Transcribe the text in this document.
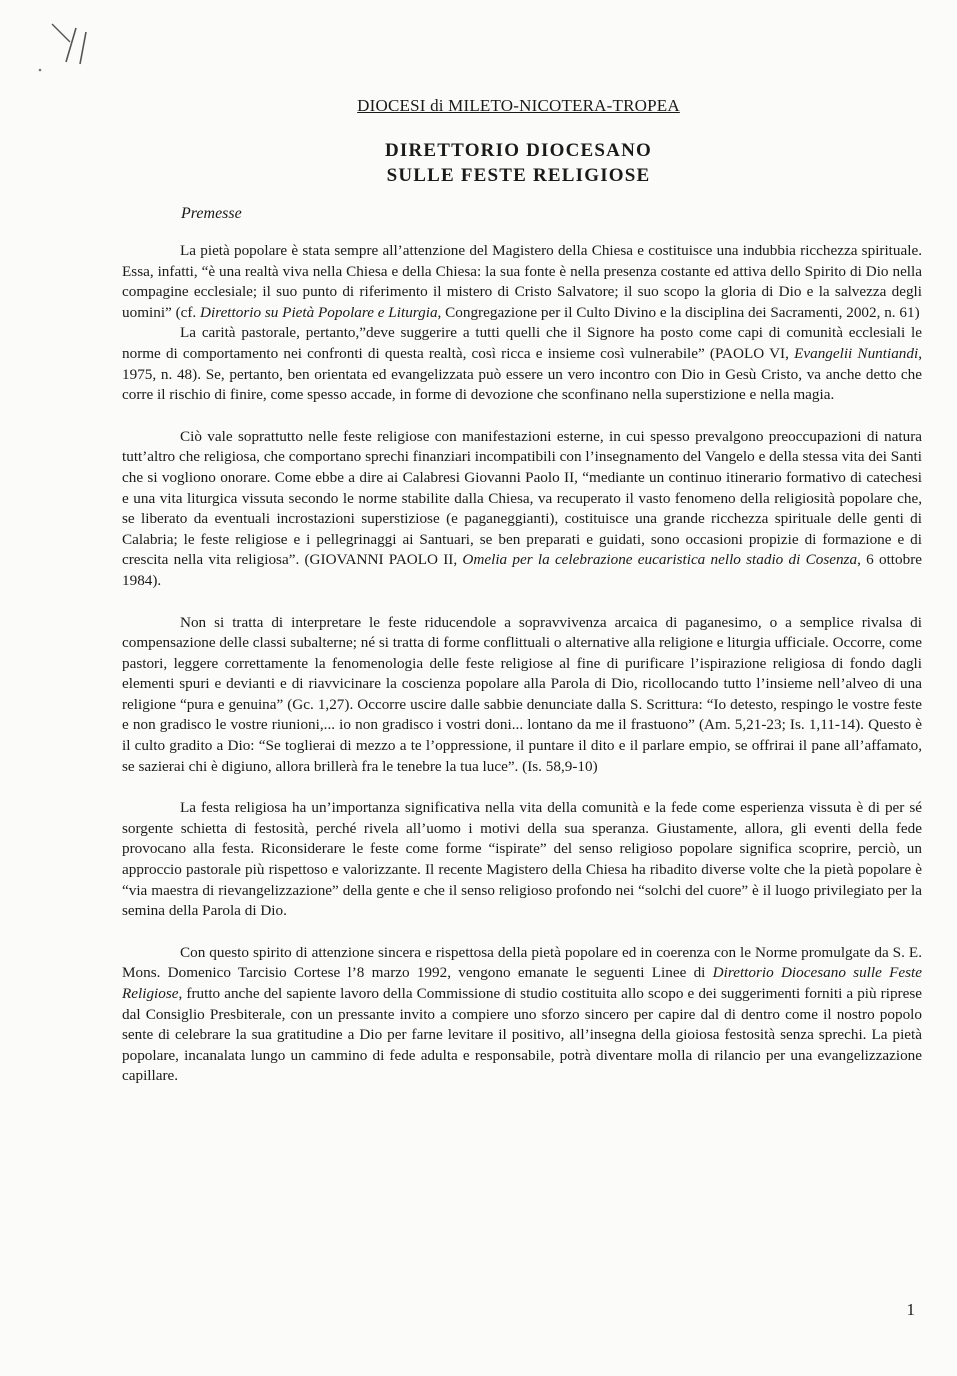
DIOCESI di MILETO-NICOTERA-TROPEA
DIRETTORIO DIOCESANO
SULLE FESTE RELIGIOSE
Premesse

La pietà popolare è stata sempre all’attenzione del Magistero della Chiesa e costituisce una indubbia ricchezza spirituale. Essa, infatti, “è una realtà viva nella Chiesa e della Chiesa: la sua fonte è nella presenza costante ed attiva dello Spirito di Dio nella compagine ecclesiale; il suo punto di riferimento il mistero di Cristo Salvatore; il suo scopo la gloria di Dio e la salvezza degli uomini” (cf. Direttorio su Pietà Popolare e Liturgia, Congregazione per il Culto Divino e la disciplina dei Sacramenti, 2002, n. 61)

La carità pastorale, pertanto,”deve suggerire a tutti quelli che il Signore ha posto come capi di comunità ecclesiali le norme di comportamento nei confronti di questa realtà, così ricca e insieme così vulnerabile” (PAOLO VI, Evangelii Nuntiandi, 1975, n. 48). Se, pertanto, ben orientata ed evangelizzata può essere un vero incontro con Dio in Gesù Cristo, va anche detto che corre il rischio di finire, come spesso accade, in forme di devozione che sconfinano nella superstizione e nella magia.

Ciò vale soprattutto nelle feste religiose con manifestazioni esterne, in cui spesso prevalgono preoccupazioni di natura tutt’altro che religiosa, che comportano sprechi finanziari incompatibili con l’insegnamento del Vangelo e della stessa vita dei Santi che si vogliono onorare. Come ebbe a dire ai Calabresi Giovanni Paolo II, “mediante un continuo itinerario formativo di catechesi e una vita liturgica vissuta secondo le norme stabilite dalla Chiesa, va recuperato il vasto fenomeno della religiosità popolare che, se liberato da eventuali incrostazioni superstiziose (e paganeggianti), costituisce una grande ricchezza spirituale delle genti di Calabria; le feste religiose e i pellegrinaggi ai Santuari, se ben preparati e guidati, sono occasioni propizie di formazione e di crescita nella vita religiosa”. (GIOVANNI PAOLO II, Omelia per la celebrazione eucaristica nello stadio di Cosenza, 6 ottobre 1984).

Non si tratta di interpretare le feste riducendole a sopravvivenza arcaica di paganesimo, o a semplice rivalsa di compensazione delle classi subalterne; né si tratta di forme conflittuali o alternative alla religione e liturgia ufficiale. Occorre, come pastori, leggere correttamente la fenomenologia delle feste religiose al fine di purificare l’ispirazione religiosa di fondo dagli elementi spuri e devianti e di riavvicinare la coscienza popolare alla Parola di Dio, ricollocando tutto l’insieme nell’alveo di una religione “pura e genuina” (Gc. 1,27). Occorre uscire dalle sabbie denunciate dalla S. Scrittura: “Io detesto, respingo le vostre feste e non gradisco le vostre riunioni,... io non gradisco i vostri doni... lontano da me il frastuono” (Am. 5,21-23; Is. 1,11-14). Questo è il culto gradito a Dio: “Se toglierai di mezzo a te l’oppressione, il puntare il dito e il parlare empio, se offrirai il pane all’affamato, se sazierai chi è digiuno, allora brillerà fra le tenebre la tua luce”. (Is. 58,9-10)

La festa religiosa ha un’importanza significativa nella vita della comunità e la fede come esperienza vissuta è di per sé sorgente schietta di festosità, perché rivela all’uomo i motivi della sua speranza. Giustamente, allora, gli eventi della fede provocano alla festa. Riconsiderare le feste come forme “ispirate” del senso religioso popolare significa scoprire, perciò, un approccio pastorale più rispettoso e valorizzante. Il recente Magistero della Chiesa ha ribadito diverse volte che la pietà popolare è “via maestra di rievangelizzazione” della gente e che il senso religioso profondo nei “solchi del cuore” è il luogo privilegiato per la semina della Parola di Dio.

Con questo spirito di attenzione sincera e rispettosa della pietà popolare ed in coerenza con le Norme promulgate da S. E. Mons. Domenico Tarcisio Cortese l’8 marzo 1992, vengono emanate le seguenti Linee di Direttorio Diocesano sulle Feste Religiose, frutto anche del sapiente lavoro della Commissione di studio costituita allo scopo e dei suggerimenti forniti a più riprese dal Consiglio Presbiterale, con un pressante invito a compiere uno sforzo sincero per capire dal di dentro come il nostro popolo sente di celebrare la sua gratitudine a Dio per farne levitare il positivo, all’insegna della gioiosa festosità senza sprechi. La pietà popolare, incanalata lungo un cammino di fede adulta e responsabile, potrà diventare molla di rilancio per una evangelizzazione capillare.

1
